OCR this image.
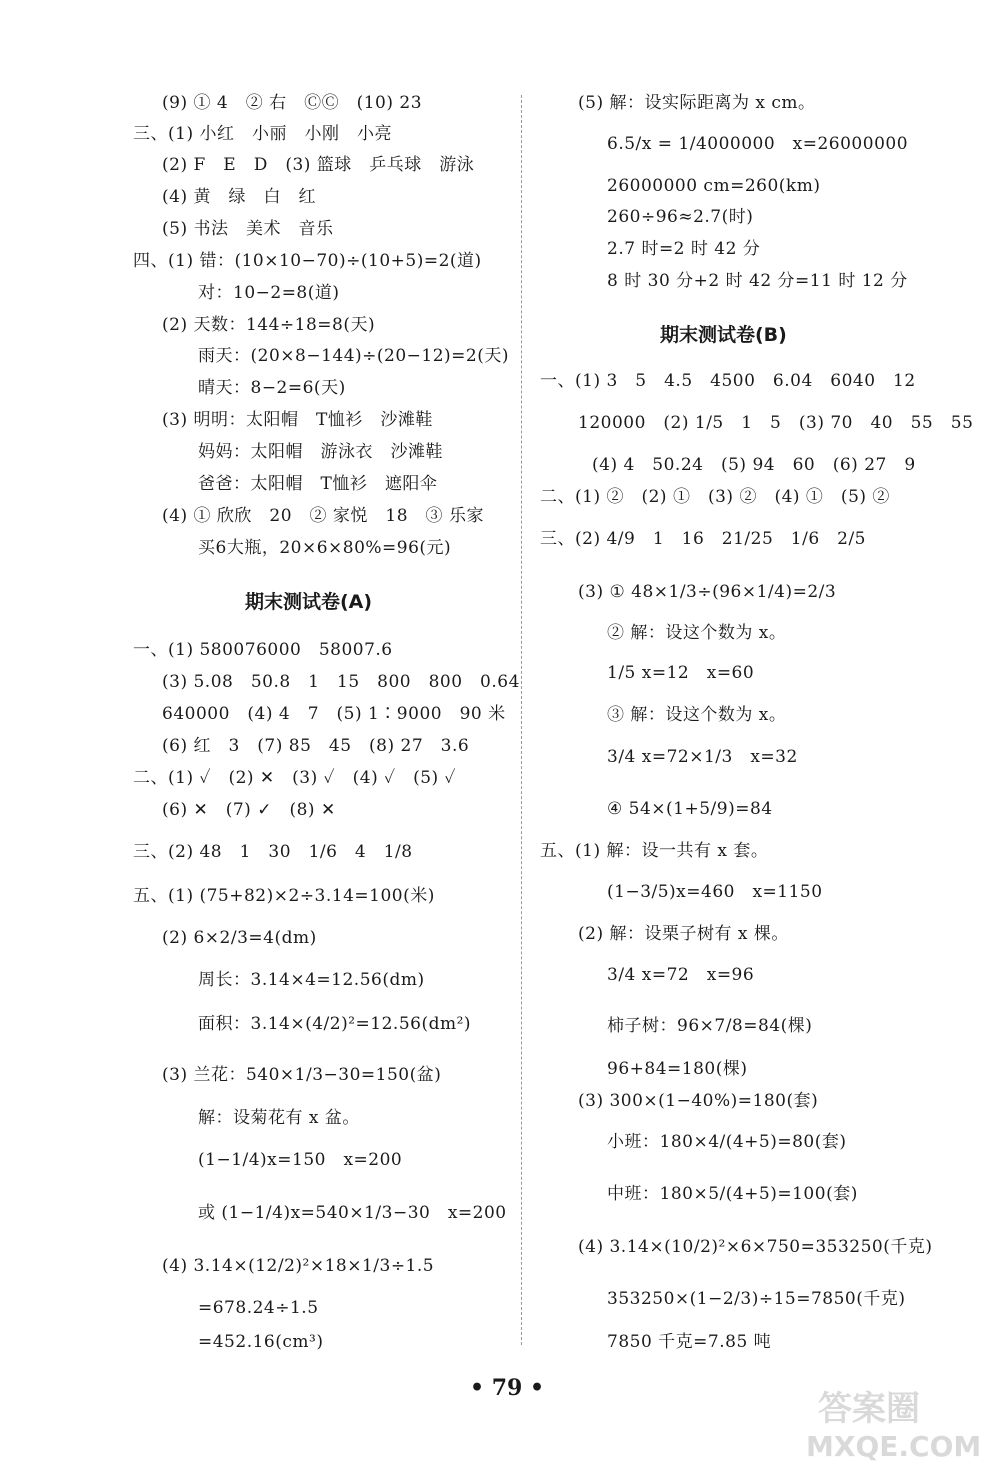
(9) ① 4　② 右　ⒸⒸ　(10) 23
三、(1) 小红　小丽　小刚　小亮
(2) F　E　D　(3) 篮球　乒乓球　游泳
(4) 黄　绿　白　红
(5) 书法　美术　音乐
四、(1) 错：(10×10−70)÷(10+5)=2(道)
对：10−2=8(道)
(2) 天数：144÷18=8(天)
雨天：(20×8−144)÷(20−12)=2(天)
晴天：8−2=6(天)
(3) 明明：太阳帽　T恤衫　沙滩鞋
妈妈：太阳帽　游泳衣　沙滩鞋
爸爸：太阳帽　T恤衫　遮阳伞
(4) ① 欣欣　20　② 家悦　18　③ 乐家
买6大瓶，20×6×80%=96(元)
期末测试卷(A)
一、(1) 580076000　58007.6
(3) 5.08　50.8　1　15　800　800　0.64
640000　(4) 4　7　(5) 1∶9000　90 米
(6) 红　3　(7) 85　45　(8) 27　3.6
二、(1) ✓　(2) ✕　(3) ✓　(4) ✓　(5) ✓
(6) ✕　(7) ✓　(8) ✕
三、(2) 48　1　30　1/6　4　1/8
五、(1) (75+82)×2÷3.14=100(米)
(2) 6×2/3=4(dm)
周长：3.14×4=12.56(dm)
面积：3.14×(4/2)²=12.56(dm²)
(3) 兰花：540×1/3−30=150(盆)
解：设菊花有 x 盆。
(1−1/4)x=150　x=200
或 (1−1/4)x=540×1/3−30　x=200
(4) 3.14×(12/2)²×18×1/3÷1.5
=678.24÷1.5
=452.16(cm³)
(5) 解：设实际距离为 x cm。
6.5/x = 1/4000000　x=26000000
26000000 cm=260(km)
260÷96≈2.7(时)
2.7 时=2 时 42 分
8 时 30 分+2 时 42 分=11 时 12 分
期末测试卷(B)
一、(1) 3　5　4.5　4500　6.04　6040　12
120000　(2) 1/5　1　5　(3) 70　40　55　55
(4) 4　50.24　(5) 94　60　(6) 27　9
二、(1) ②　(2) ①　(3) ②　(4) ①　(5) ②
三、(2) 4/9　1　16　21/25　1/6　2/5
(3) ① 48×1/3÷(96×1/4)=2/3
② 解：设这个数为 x。
1/5 x=12　x=60
③ 解：设这个数为 x。
3/4 x=72×1/3　x=32
④ 54×(1+5/9)=84
五、(1) 解：设一共有 x 套。
(1−3/5)x=460　x=1150
(2) 解：设栗子树有 x 棵。
3/4 x=72　x=96
柿子树：96×7/8=84(棵)
96+84=180(棵)
(3) 300×(1−40%)=180(套)
小班：180×4/(4+5)=80(套)
中班：180×5/(4+5)=100(套)
(4) 3.14×(10/2)²×6×750=353250(千克)
353250×(1−2/3)÷15=7850(千克)
7850 千克=7.85 吨
• 79 •
答案圈
MXQE.COM
